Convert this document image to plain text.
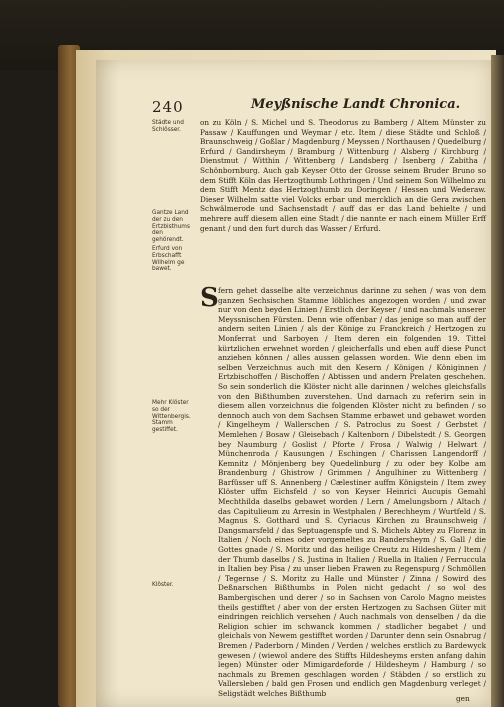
240	Meyßnische Landt Chronica.
Städte und Schlösser.
Gantze Land der zu den Ertzbisthums den gehörendt.
Erfurd von Erbschafft Wilhelm ge bawet.
Mehr Klöster so der Wittenbergis. Stamm gestiffet.
Klöster.

on zu Köln / S. Michel und S. Theodorus zu Bamberg / Altem Münster zu Passaw / Kauffungen und Weymar / etc. Item / diese Städte und Schloß / Braunschweig / Goßlar / Magdenburg / Meyssen / Northausen / Quedelburg / Erfurd / Gandirsheym / Bramburg / Wittenburg / Alsberg / Kirchburg / Dienstmut / Witthin / Wittenberg / Landsberg / Isenberg / Zabitha / Schönbornburg. Auch gab Keyser Otto der Grosse seinem Bruder Bruno so dem Stifft Köln das Hertzogthumb Lothringen / Und seinem Son Wilhelmo zu dem Stifft Mentz das Hertzogthumb zu Doringen / Hessen und Wederaw. Dieser Wilhelm satte viel Volcks erbar und mercklich an die Gera zwischen Schwälmerode und Sachsenstadt / auff das er das Land behielte / und mehrere auff diesem allen eine Stadt / die nannte er nach einem Müller Erff genant / und den furt durch das Wasser / Erfurd.

S fern gehet dasselbe alte verzeichnus darinne zu sehen / was von dem ganzen Sechsischen Stamme löbliches angezogen worden / und zwar nur von den beyden Linien / Erstlich der Keyser / und nachmals unserer Meyssnischen Fürsten. Denn wie offenbar / das jenige so man auff der andern seiten Linien / als der Könige zu Franckreich / Hertzogen zu Monferrat und Sarboyen / Item deren ein folgenden 19. Tittel kürtzlichen erwehnet worden / gleicherfalls und eben auff diese Punct anziehen können / alles aussen gelassen worden. Wie denn eben im selben Verzeichnus auch mit den Kesern / Königen / Königinnen / Ertzbischoffen / Bischoffen / Abtissen und andern Prelaten geschehen. So sein sonderlich die Klöster nicht alle darinnen / welches gleichsfalls von den Bißthumben zuverstehen. Und darnach zu referirn sein in diesem allen vorzeichnus die folgenden Klöster nicht zu befinden / so dennoch auch von dem Sachsen Stamme erbawet und gebawet worden / Kingelheym / Wallerschen / S. Patroclus zu Soest / Gerbstet / Memlehen / Bosaw / Gleisebach / Kaltenborn / Dibelstedt / S. Georgen bey Naumburg / Goslist / Pforte / Frosa / Walwig / Helwart / Münchenroda / Kausungen / Eschingen / Charissen Langendorff / Kemnitz / Mönjenberg bey Quedelinburg / zu oder bey Kolbe am Brandenburg / Ghistrow / Grimmen / Angulhiner zu Wittenberg / Barfüsser uff S. Annenberg / Cælestiner auffm Königstein / Item zwey Klöster uffm Eichsfeld / so von Keyser Heinrici Aucupis Gemahl Mechthilda daselbs gebawet worden / Lern / Amelungsborn / Altach / das Capitulieum zu Arresin in Westphalen / Berechheym / Wurtfeld / S. Magnus S. Gotthard und S. Cyriacus Kirchen zu Braunschweig / Dangsmarsfeld / das Septuagenspfe und S. Michels Abtey zu Florenz in Italien / Noch eines oder vorgemeltes zu Bandersheym / S. Gall / die Gottes gnade / S. Moritz und das heilige Creutz zu Hildesheym / Item / der Thumb daselbs / S. Justina in Italien / Ruella in Italien / Ferruccula in Italien bey Pisa / zu unser lieben Frawen zu Regenspurg / Schmöllen / Tegernse / S. Moritz zu Halle und Münster / Zinna / Sowird des Deßnarschen Bißthumbs in Polen nicht gedacht / so wol des Bambergischen und derer / so in Sachsen von Carolo Magno meistes theils gestifftet / aber von der ersten Hertzogen zu Sachsen Güter mit eindringen reichlich versehen / Auch nachmals von denselben / da die Religion schier im schwanck kommen / stadlicher begabet / und gleichals von Newem gestifftet worden / Darunter denn sein Osnabrug / Bremen / Paderborn / Minden / Verden / welches erstlich zu Bardewyck gewesen / (wiewol andere des Stiffts Hildesheyms ersten anfang dahin legen) Münster oder Mimigardeforde / Hildesheym / Hamburg / so nachmals zu Bremen geschlagen worden / Stäbden / so erstlich zu Vallersleben / bald gen Frosen und endlich gen Magdenburg verleget / Seligstädt welches Bißthumb

gen
